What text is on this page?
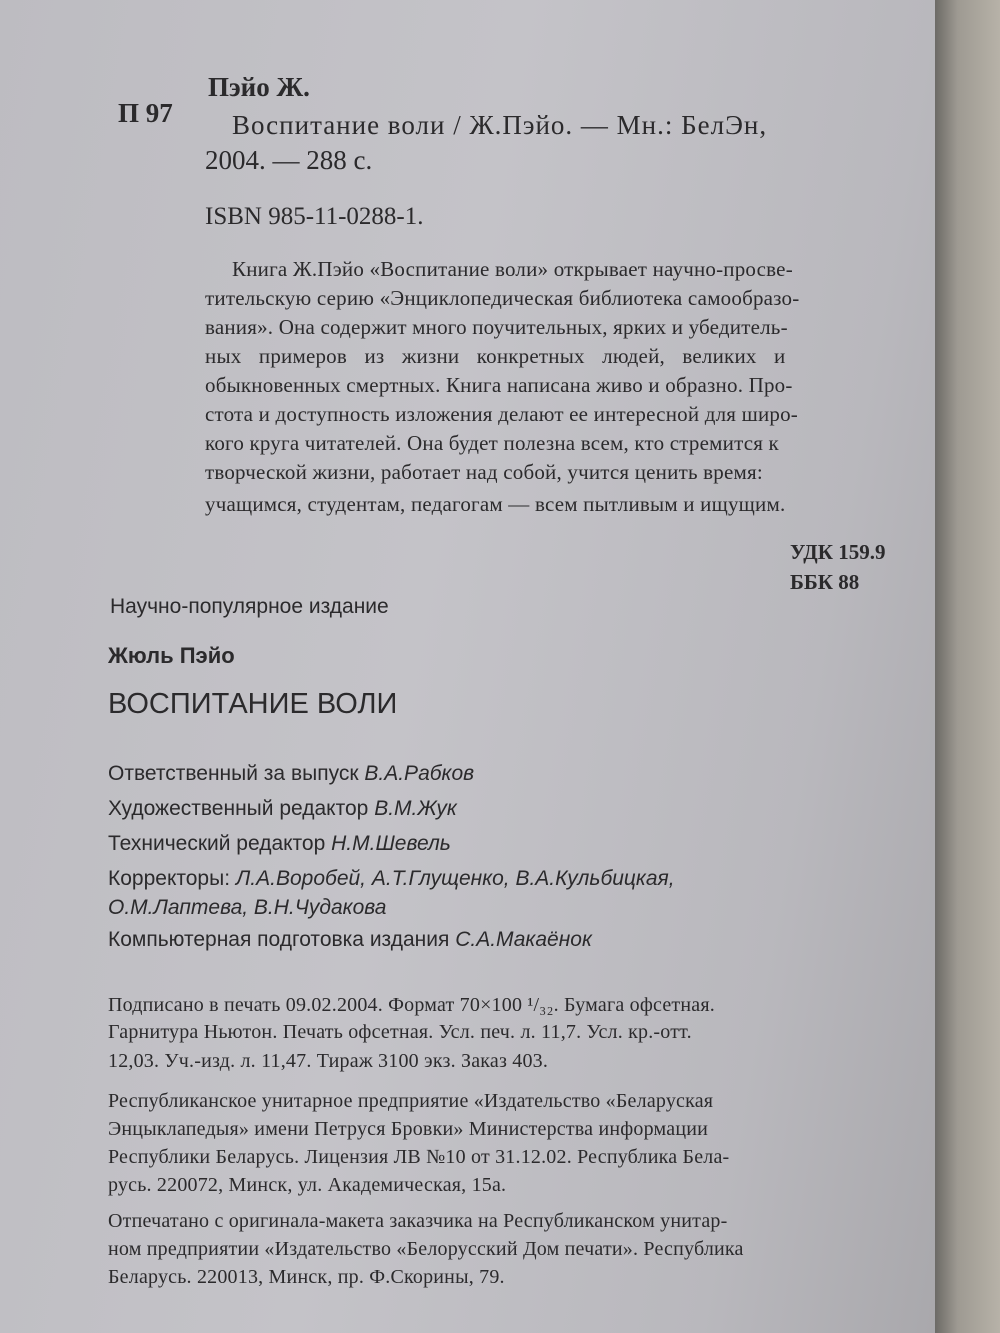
П 97
Пэйо Ж.
Воспитание воли / Ж.Пэйо. — Мн.: БелЭн,
2004. — 288 с.
ISBN 985-11-0288-1.
Книга Ж.Пэйо «Воспитание воли» открывает научно-просве-
тительскую серию «Энциклопедическая библиотека самообразо-
вания». Она содержит много поучительных, ярких и убедитель-
ных примеров из жизни конкретных людей, великих и
обыкновенных смертных. Книга написана живо и образно. Про-
стота и доступность изложения делают ее интересной для широ-
кого круга читателей. Она будет полезна всем, кто стремится к
творческой жизни, работает над собой, учится ценить время:
учащимся, студентам, педагогам — всем пытливым и ищущим.
УДК 159.9
ББК 88
Научно-популярное издание
Жюль Пэйо
ВОСПИТАНИЕ ВОЛИ
Ответственный за выпуск В.А.Рабков
Художественный редактор В.М.Жук
Технический редактор Н.М.Шевель
Корректоры: Л.А.Воробей, А.Т.Глущенко, В.А.Кульбицкая,
О.М.Лаптева, В.Н.Чудакова
Компьютерная подготовка издания С.А.Макаёнок
Подписано в печать 09.02.2004. Формат 70×100 ¹/₃₂. Бумага офсетная.
Гарнитура Ньютон. Печать офсетная. Усл. печ. л. 11,7. Усл. кр.-отт.
12,03. Уч.-изд. л. 11,47. Тираж 3100 экз. Заказ 403.
Республиканское унитарное предприятие «Издательство «Беларуская
Энцыклапедыя» имени Петруся Бровки» Министерства информации
Республики Беларусь. Лицензия ЛВ №10 от 31.12.02. Республика Бела-
русь. 220072, Минск, ул. Академическая, 15а.
Отпечатано с оригинала-макета заказчика на Республиканском унитар-
ном предприятии «Издательство «Белорусский Дом печати». Республика
Беларусь. 220013, Минск, пр. Ф.Скорины, 79.
